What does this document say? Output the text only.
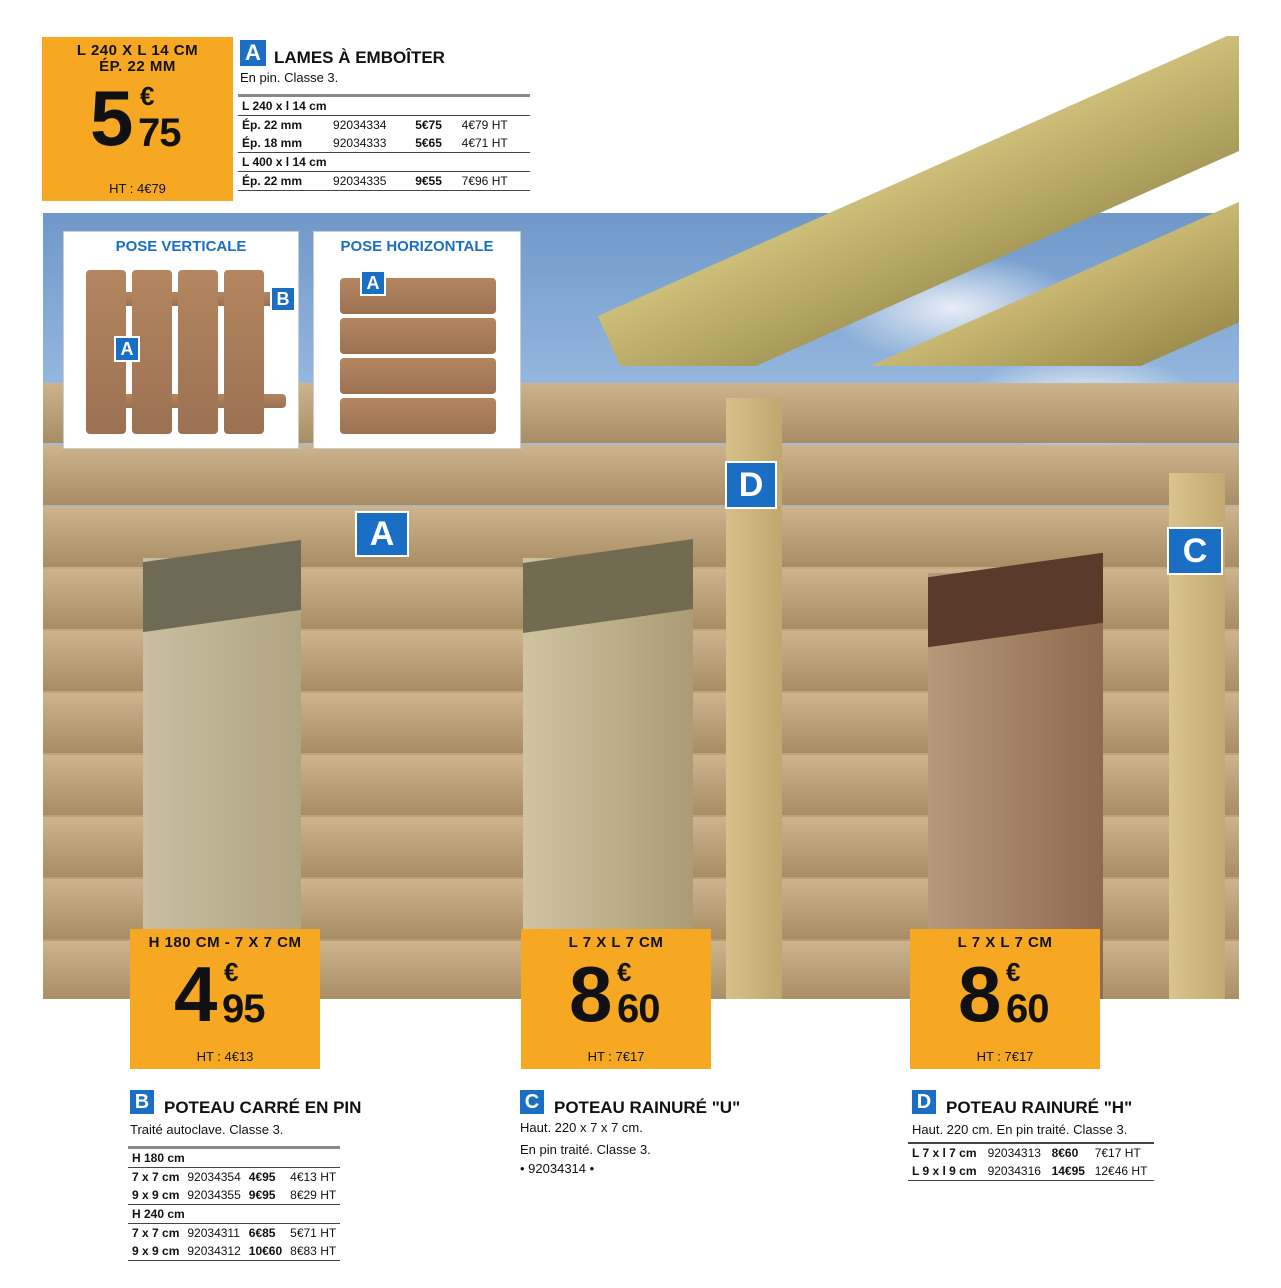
L 240 X L 14 CM
ÉP. 22 MM
5 €
75
HT : 4€79
A LAMES À EMBOÎTER
En pin. Classe 3.
L 240 x l 14 cm			
Ép. 22 mm	92034334	5€75	4€79 HT
Ép. 18 mm	92034333	5€65	4€71 HT
L 400 x l 14 cm			
Ép. 22 mm	92034335	9€55	7€96 HT
POSE VERTICALE
A
B
POSE HORIZONTALE
A
A
D
C
H 180 CM - 7 X 7 CM
4 €
95
HT : 4€13
L 7 X L 7 CM
8 €
60
HT : 7€17
L 7 X L 7 CM
8 €
60
HT : 7€17
B POTEAU CARRÉ EN PIN
Traité autoclave. Classe 3.
H 180 cm			
7 x 7 cm	92034354	4€95	4€13 HT
9 x 9 cm	92034355	9€95	8€29 HT
H 240 cm			
7 x 7 cm	92034311	6€85	5€71 HT
9 x 9 cm	92034312	10€60	8€83 HT
C POTEAU RAINURÉ "U"
Haut. 220 x 7 x 7 cm.
En pin traité. Classe 3.
• 92034314 •
D POTEAU RAINURÉ "H"
Haut. 220 cm. En pin traité. Classe 3.
L 7 x l 7 cm	92034313	8€60	7€17 HT
L 9 x l 9 cm	92034316	14€95	12€46 HT
